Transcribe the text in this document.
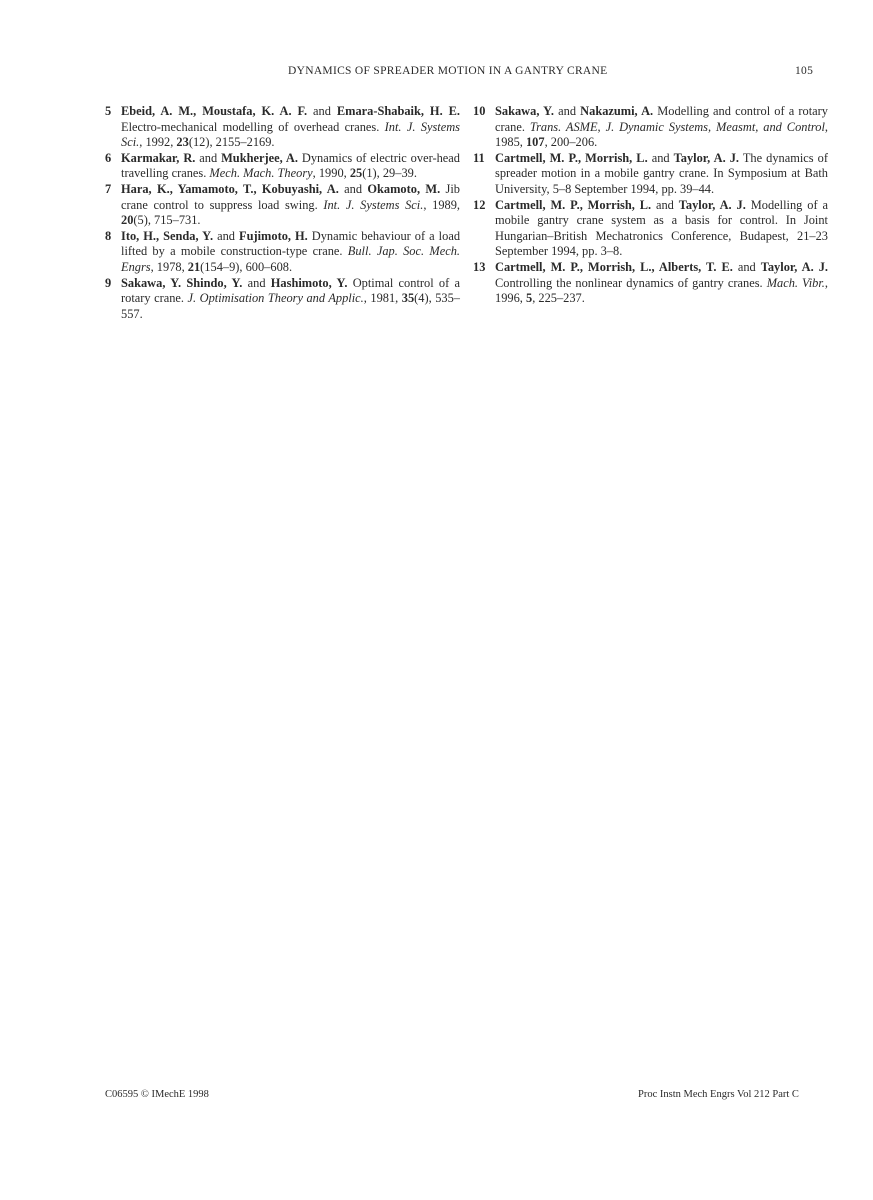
DYNAMICS OF SPREADER MOTION IN A GANTRY CRANE	105
5 Ebeid, A. M., Moustafa, K. A. F. and Emara-Shabaik, H. E. Electro-mechanical modelling of overhead cranes. Int. J. Systems Sci., 1992, 23(12), 2155–2169.
6 Karmakar, R. and Mukherjee, A. Dynamics of electric over-head travelling cranes. Mech. Mach. Theory, 1990, 25(1), 29–39.
7 Hara, K., Yamamoto, T., Kobuyashi, A. and Okamoto, M. Jib crane control to suppress load swing. Int. J. Systems Sci., 1989, 20(5), 715–731.
8 Ito, H., Senda, Y. and Fujimoto, H. Dynamic behaviour of a load lifted by a mobile construction-type crane. Bull. Jap. Soc. Mech. Engrs, 1978, 21(154–9), 600–608.
9 Sakawa, Y. Shindo, Y. and Hashimoto, Y. Optimal control of a rotary crane. J. Optimisation Theory and Applic., 1981, 35(4), 535–557.
10 Sakawa, Y. and Nakazumi, A. Modelling and control of a rotary crane. Trans. ASME, J. Dynamic Systems, Measmt, and Control, 1985, 107, 200–206.
11 Cartmell, M. P., Morrish, L. and Taylor, A. J. The dynamics of spreader motion in a mobile gantry crane. In Symposium at Bath University, 5–8 September 1994, pp. 39–44.
12 Cartmell, M. P., Morrish, L. and Taylor, A. J. Modelling of a mobile gantry crane system as a basis for control. In Joint Hungarian–British Mechatronics Conference, Budapest, 21–23 September 1994, pp. 3–8.
13 Cartmell, M. P., Morrish, L., Alberts, T. E. and Taylor, A. J. Controlling the nonlinear dynamics of gantry cranes. Mach. Vibr., 1996, 5, 225–237.
C06595 © IMechE 1998	Proc Instn Mech Engrs Vol 212 Part C
